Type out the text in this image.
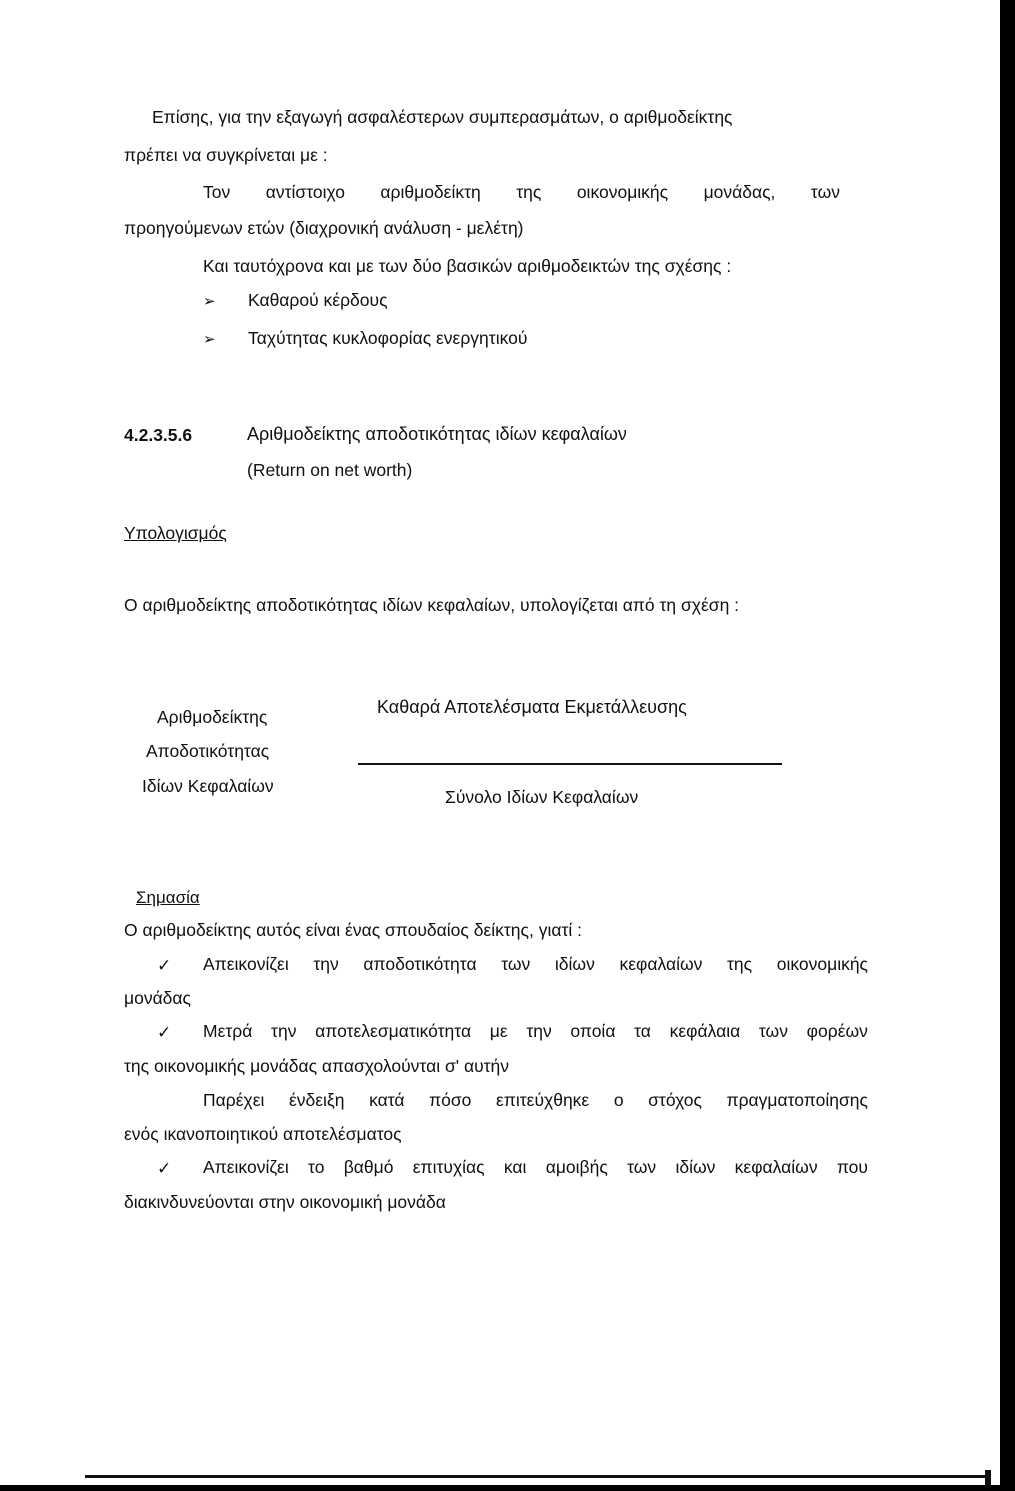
Επίσης, για την εξαγωγή ασφαλέστερων συμπερασμάτων, ο αριθμοδείκτης
πρέπει να συγκρίνεται με :
Τον αντίστοιχο αριθμοδείκτη της οικονομικής μονάδας, των
προηγούμενων ετών (διαχρονική ανάλυση - μελέτη)
Και ταυτόχρονα και με των δύο βασικών αριθμοδεικτών της σχέσης :
➢ Καθαρού κέρδους
➢ Ταχύτητας κυκλοφορίας ενεργητικού
4.2.3.5.6	Αριθμοδείκτης αποδοτικότητας ιδίων κεφαλαίων
(Return on net worth)
Υπολογισμός
Ο αριθμοδείκτης αποδοτικότητας ιδίων κεφαλαίων, υπολογίζεται από τη σχέση :
Αριθμοδείκτης
Αποδοτικότητας
Ιδίων Κεφαλαίων
Καθαρά Αποτελέσματα Εκμετάλλευσης
Σύνολο Ιδίων Κεφαλαίων
Σημασία
Ο αριθμοδείκτης αυτός είναι ένας σπουδαίος δείκτης, γιατί :
✓ Απεικονίζει την αποδοτικότητα των ιδίων κεφαλαίων της οικονομικής
μονάδας
✓ Μετρά την αποτελεσματικότητα με την οποία τα κεφάλαια των φορέων
της οικονομικής μονάδας απασχολούνται σ' αυτήν
Παρέχει ένδειξη κατά πόσο επιτεύχθηκε ο στόχος πραγματοποίησης
ενός ικανοποιητικού αποτελέσματος
✓ Απεικονίζει το βαθμό επιτυχίας και αμοιβής των ιδίων κεφαλαίων που
διακινδυνεύονται στην οικονομική μονάδα
